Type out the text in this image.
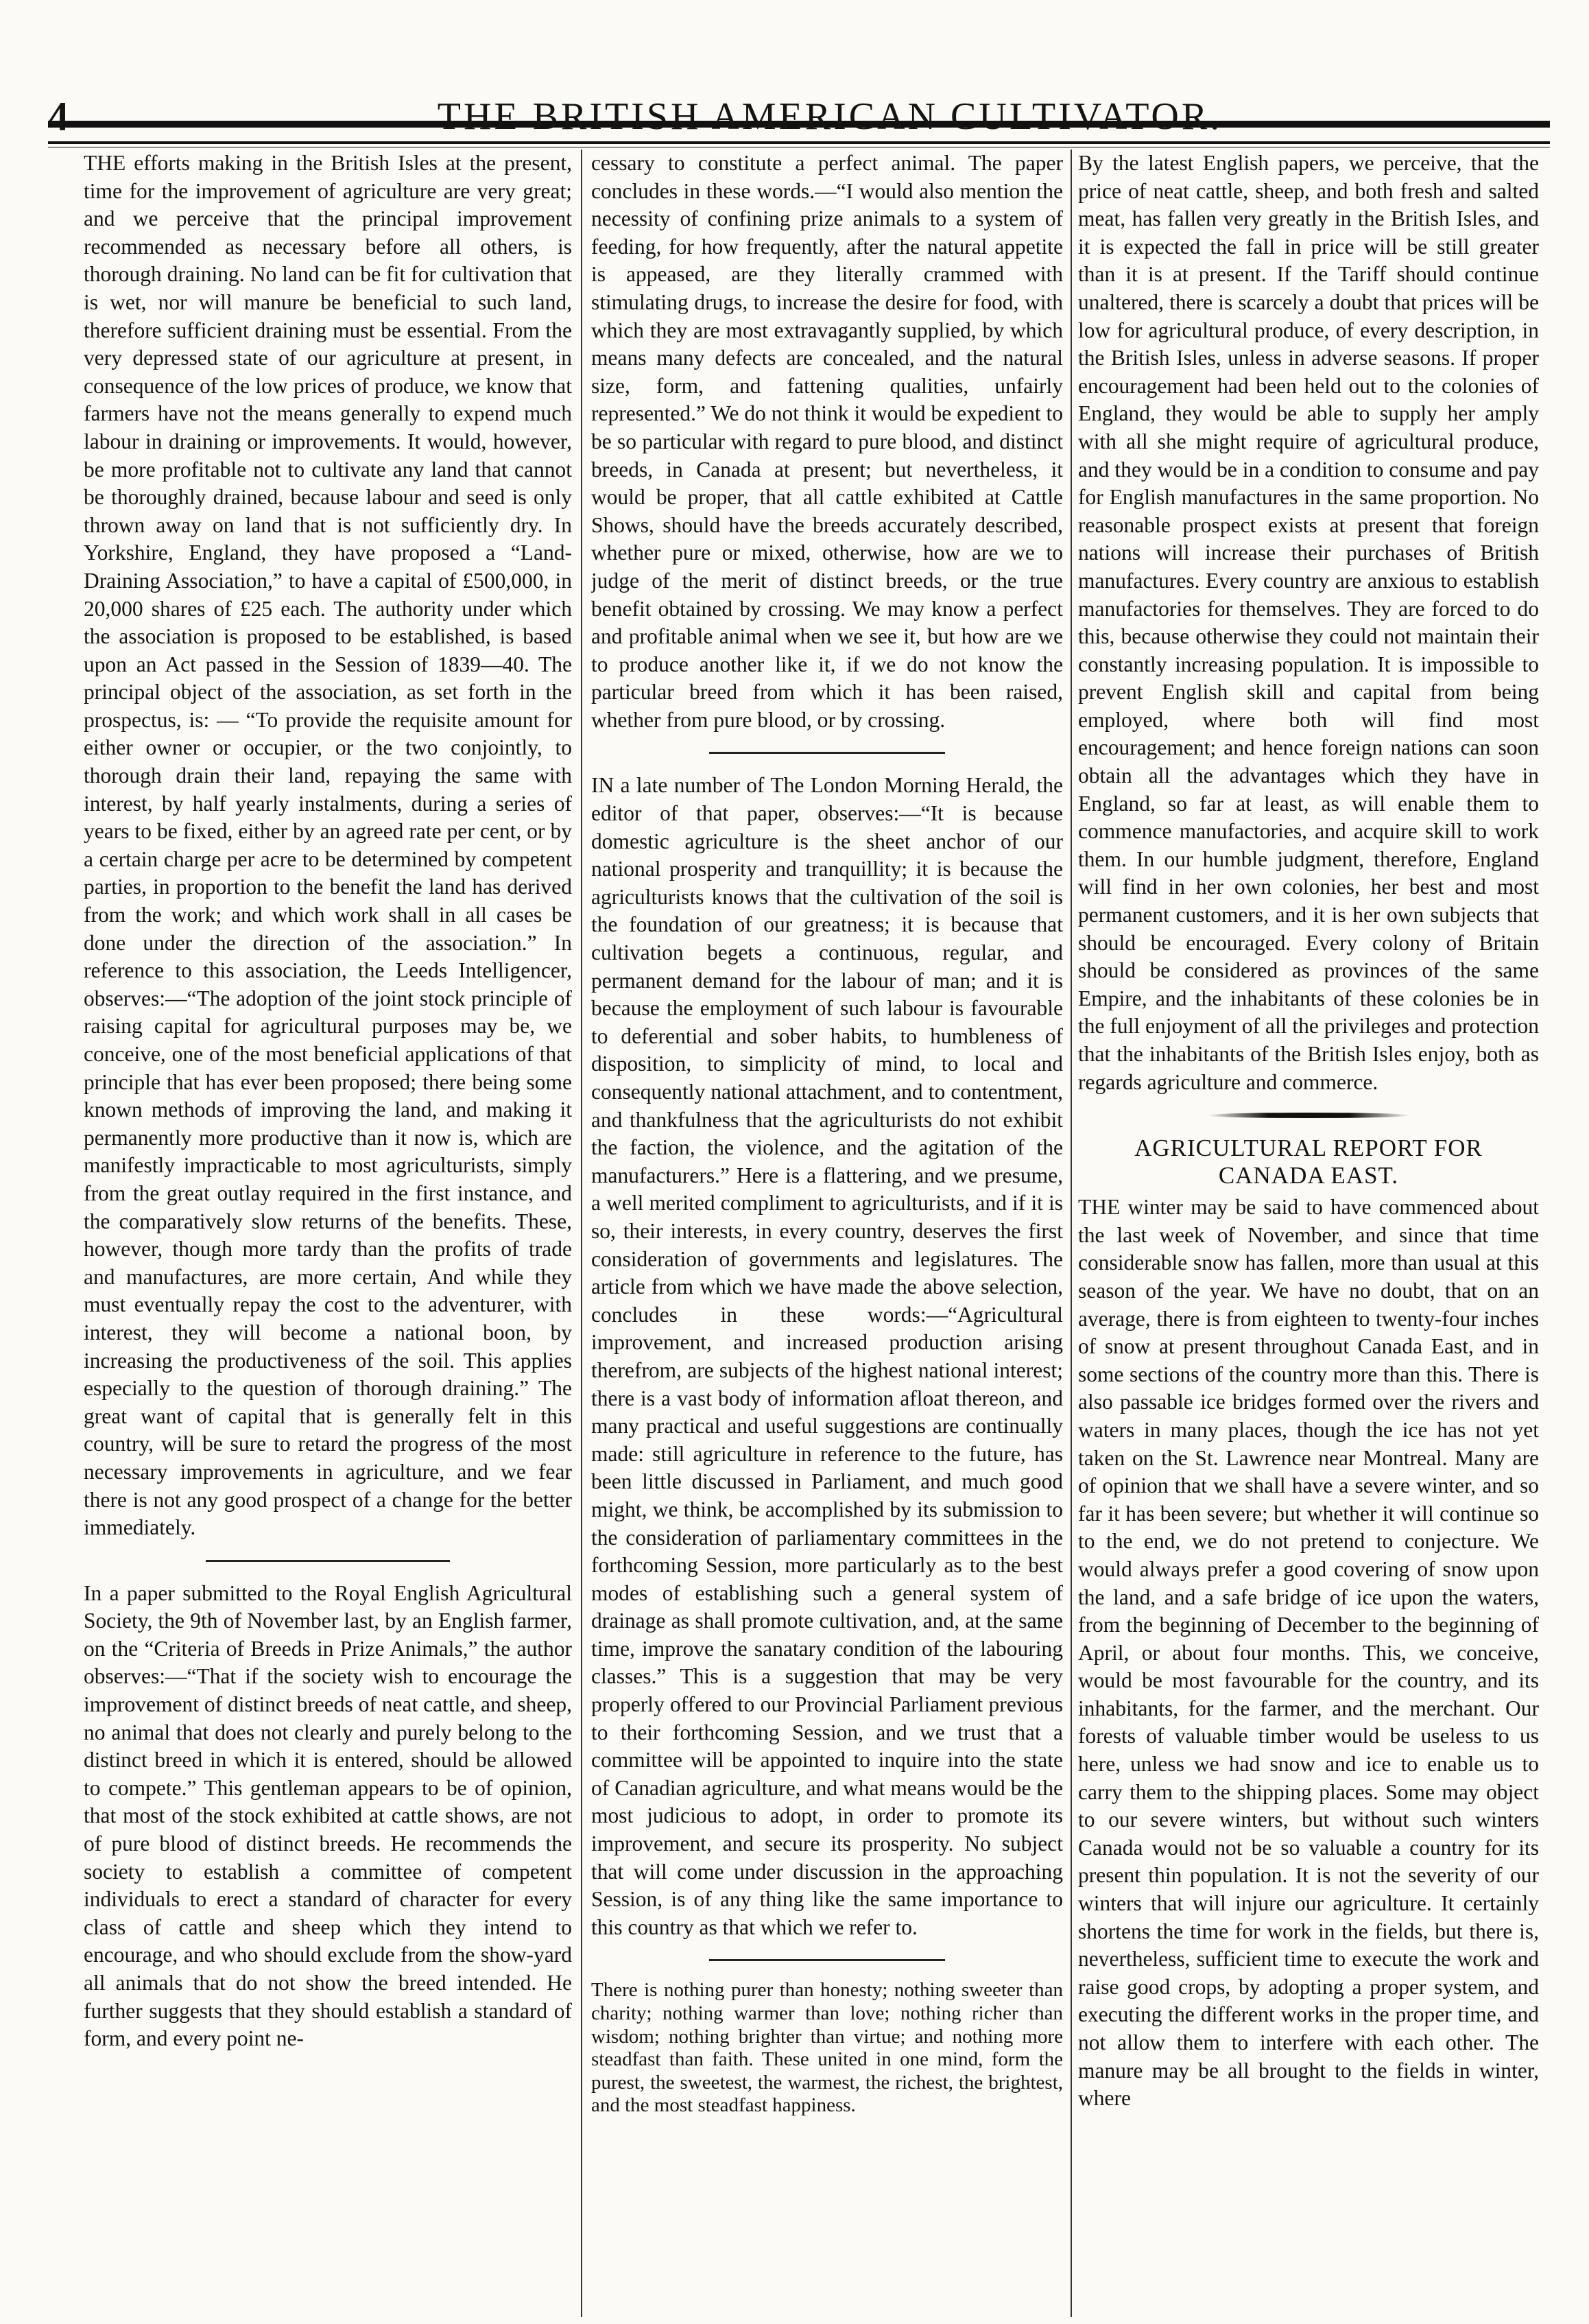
4	THE BRITISH AMERICAN CULTIVATOR.

THE efforts making in the British Isles at the present, time for the improvement of agriculture are very great; and we perceive that the principal improvement recommended as necessary before all others, is thorough draining. No land can be fit for cultivation that is wet, nor will manure be beneficial to such land, therefore sufficient draining must be essential. From the very depressed state of our agriculture at present, in consequence of the low prices of produce, we know that farmers have not the means generally to expend much labour in draining or improvements. It would, however, be more profitable not to cultivate any land that cannot be thoroughly drained, because labour and seed is only thrown away on land that is not sufficiently dry. In Yorkshire, England, they have proposed a “Land-Draining Association,” to have a capital of £500,000, in 20,000 shares of £25 each. The authority under which the association is proposed to be established, is based upon an Act passed in the Session of 1839—40. The principal object of the association, as set forth in the prospectus, is: — “To provide the requisite amount for either owner or occupier, or the two conjointly, to thorough drain their land, repaying the same with interest, by half yearly instalments, during a series of years to be fixed, either by an agreed rate per cent, or by a certain charge per acre to be determined by competent parties, in proportion to the benefit the land has derived from the work; and which work shall in all cases be done under the direction of the association.” In reference to this association, the Leeds Intelligencer, observes:—“The adoption of the joint stock principle of raising capital for agricultural purposes may be, we conceive, one of the most beneficial applications of that principle that has ever been proposed; there being some known methods of improving the land, and making it permanently more productive than it now is, which are manifestly impracticable to most agriculturists, simply from the great outlay required in the first instance, and the comparatively slow returns of the benefits. These, however, though more tardy than the profits of trade and manufactures, are more certain, And while they must eventually repay the cost to the adventurer, with interest, they will become a national boon, by increasing the productiveness of the soil. This applies especially to the question of thorough draining.” The great want of capital that is generally felt in this country, will be sure to retard the progress of the most necessary improvements in agriculture, and we fear there is not any good prospect of a change for the better immediately.

In a paper submitted to the Royal English Agricultural Society, the 9th of November last, by an English farmer, on the “Criteria of Breeds in Prize Animals,” the author observes:—“That if the society wish to encourage the improvement of distinct breeds of neat cattle, and sheep, no animal that does not clearly and purely belong to the distinct breed in which it is entered, should be allowed to compete.” This gentleman appears to be of opinion, that most of the stock exhibited at cattle shows, are not of pure blood of distinct breeds. He recommends the society to establish a committee of competent individuals to erect a standard of character for every class of cattle and sheep which they intend to encourage, and who should exclude from the show-yard all animals that do not show the breed intended. He further suggests that they should establish a standard of form, and every point ne-

cessary to constitute a perfect animal. The paper concludes in these words.—“I would also mention the necessity of confining prize animals to a system of feeding, for how frequently, after the natural appetite is appeased, are they literally crammed with stimulating drugs, to increase the desire for food, with which they are most extravagantly supplied, by which means many defects are concealed, and the natural size, form, and fattening qualities, unfairly represented.” We do not think it would be expedient to be so particular with regard to pure blood, and distinct breeds, in Canada at present; but nevertheless, it would be proper, that all cattle exhibited at Cattle Shows, should have the breeds accurately described, whether pure or mixed, otherwise, how are we to judge of the merit of distinct breeds, or the true benefit obtained by crossing. We may know a perfect and profitable animal when we see it, but how are we to produce another like it, if we do not know the particular breed from which it has been raised, whether from pure blood, or by crossing.

IN a late number of The London Morning Herald, the editor of that paper, observes:—“It is because domestic agriculture is the sheet anchor of our national prosperity and tranquillity; it is because the agriculturists knows that the cultivation of the soil is the foundation of our greatness; it is because that cultivation begets a continuous, regular, and permanent demand for the labour of man; and it is because the employment of such labour is favourable to deferential and sober habits, to humbleness of disposition, to simplicity of mind, to local and consequently national attachment, and to contentment, and thankfulness that the agriculturists do not exhibit the faction, the violence, and the agitation of the manufacturers.” Here is a flattering, and we presume, a well merited compliment to agriculturists, and if it is so, their interests, in every country, deserves the first consideration of governments and legislatures. The article from which we have made the above selection, concludes in these words:—“Agricultural improvement, and increased production arising therefrom, are subjects of the highest national interest; there is a vast body of information afloat thereon, and many practical and useful suggestions are continually made: still agriculture in reference to the future, has been little discussed in Parliament, and much good might, we think, be accomplished by its submission to the consideration of parliamentary committees in the forthcoming Session, more particularly as to the best modes of establishing such a general system of drainage as shall promote cultivation, and, at the same time, improve the sanatary condition of the labouring classes.” This is a suggestion that may be very properly offered to our Provincial Parliament previous to their forthcoming Session, and we trust that a committee will be appointed to inquire into the state of Canadian agriculture, and what means would be the most judicious to adopt, in order to promote its improvement, and secure its prosperity. No subject that will come under discussion in the approaching Session, is of any thing like the same importance to this country as that which we refer to.

There is nothing purer than honesty; nothing sweeter than charity; nothing warmer than love; nothing richer than wisdom; nothing brighter than virtue; and nothing more steadfast than faith. These united in one mind, form the purest, the sweetest, the warmest, the richest, the brightest, and the most steadfast happiness.

By the latest English papers, we perceive, that the price of neat cattle, sheep, and both fresh and salted meat, has fallen very greatly in the British Isles, and it is expected the fall in price will be still greater than it is at present. If the Tariff should continue unaltered, there is scarcely a doubt that prices will be low for agricultural produce, of every description, in the British Isles, unless in adverse seasons. If proper encouragement had been held out to the colonies of England, they would be able to supply her amply with all she might require of agricultural produce, and they would be in a condition to consume and pay for English manufactures in the same proportion. No reasonable prospect exists at present that foreign nations will increase their purchases of British manufactures. Every country are anxious to establish manufactories for themselves. They are forced to do this, because otherwise they could not maintain their constantly increasing population. It is impossible to prevent English skill and capital from being employed, where both will find most encouragement; and hence foreign nations can soon obtain all the advantages which they have in England, so far at least, as will enable them to commence manufactories, and acquire skill to work them. In our humble judgment, therefore, England will find in her own colonies, her best and most permanent customers, and it is her own subjects that should be encouraged. Every colony of Britain should be considered as provinces of the same Empire, and the inhabitants of these colonies be in the full enjoyment of all the privileges and protection that the inhabitants of the British Isles enjoy, both as regards agriculture and commerce.

AGRICULTURAL REPORT FOR CANADA EAST.

THE winter may be said to have commenced about the last week of November, and since that time considerable snow has fallen, more than usual at this season of the year. We have no doubt, that on an average, there is from eighteen to twenty-four inches of snow at present throughout Canada East, and in some sections of the country more than this. There is also passable ice bridges formed over the rivers and waters in many places, though the ice has not yet taken on the St. Lawrence near Montreal. Many are of opinion that we shall have a severe winter, and so far it has been severe; but whether it will continue so to the end, we do not pretend to conjecture. We would always prefer a good covering of snow upon the land, and a safe bridge of ice upon the waters, from the beginning of December to the beginning of April, or about four months. This, we conceive, would be most favourable for the country, and its inhabitants, for the farmer, and the merchant. Our forests of valuable timber would be useless to us here, unless we had snow and ice to enable us to carry them to the shipping places. Some may object to our severe winters, but without such winters Canada would not be so valuable a country for its present thin population. It is not the severity of our winters that will injure our agriculture. It certainly shortens the time for work in the fields, but there is, nevertheless, sufficient time to execute the work and raise good crops, by adopting a proper system, and executing the different works in the proper time, and not allow them to interfere with each other. The manure may be all brought to the fields in winter, where
